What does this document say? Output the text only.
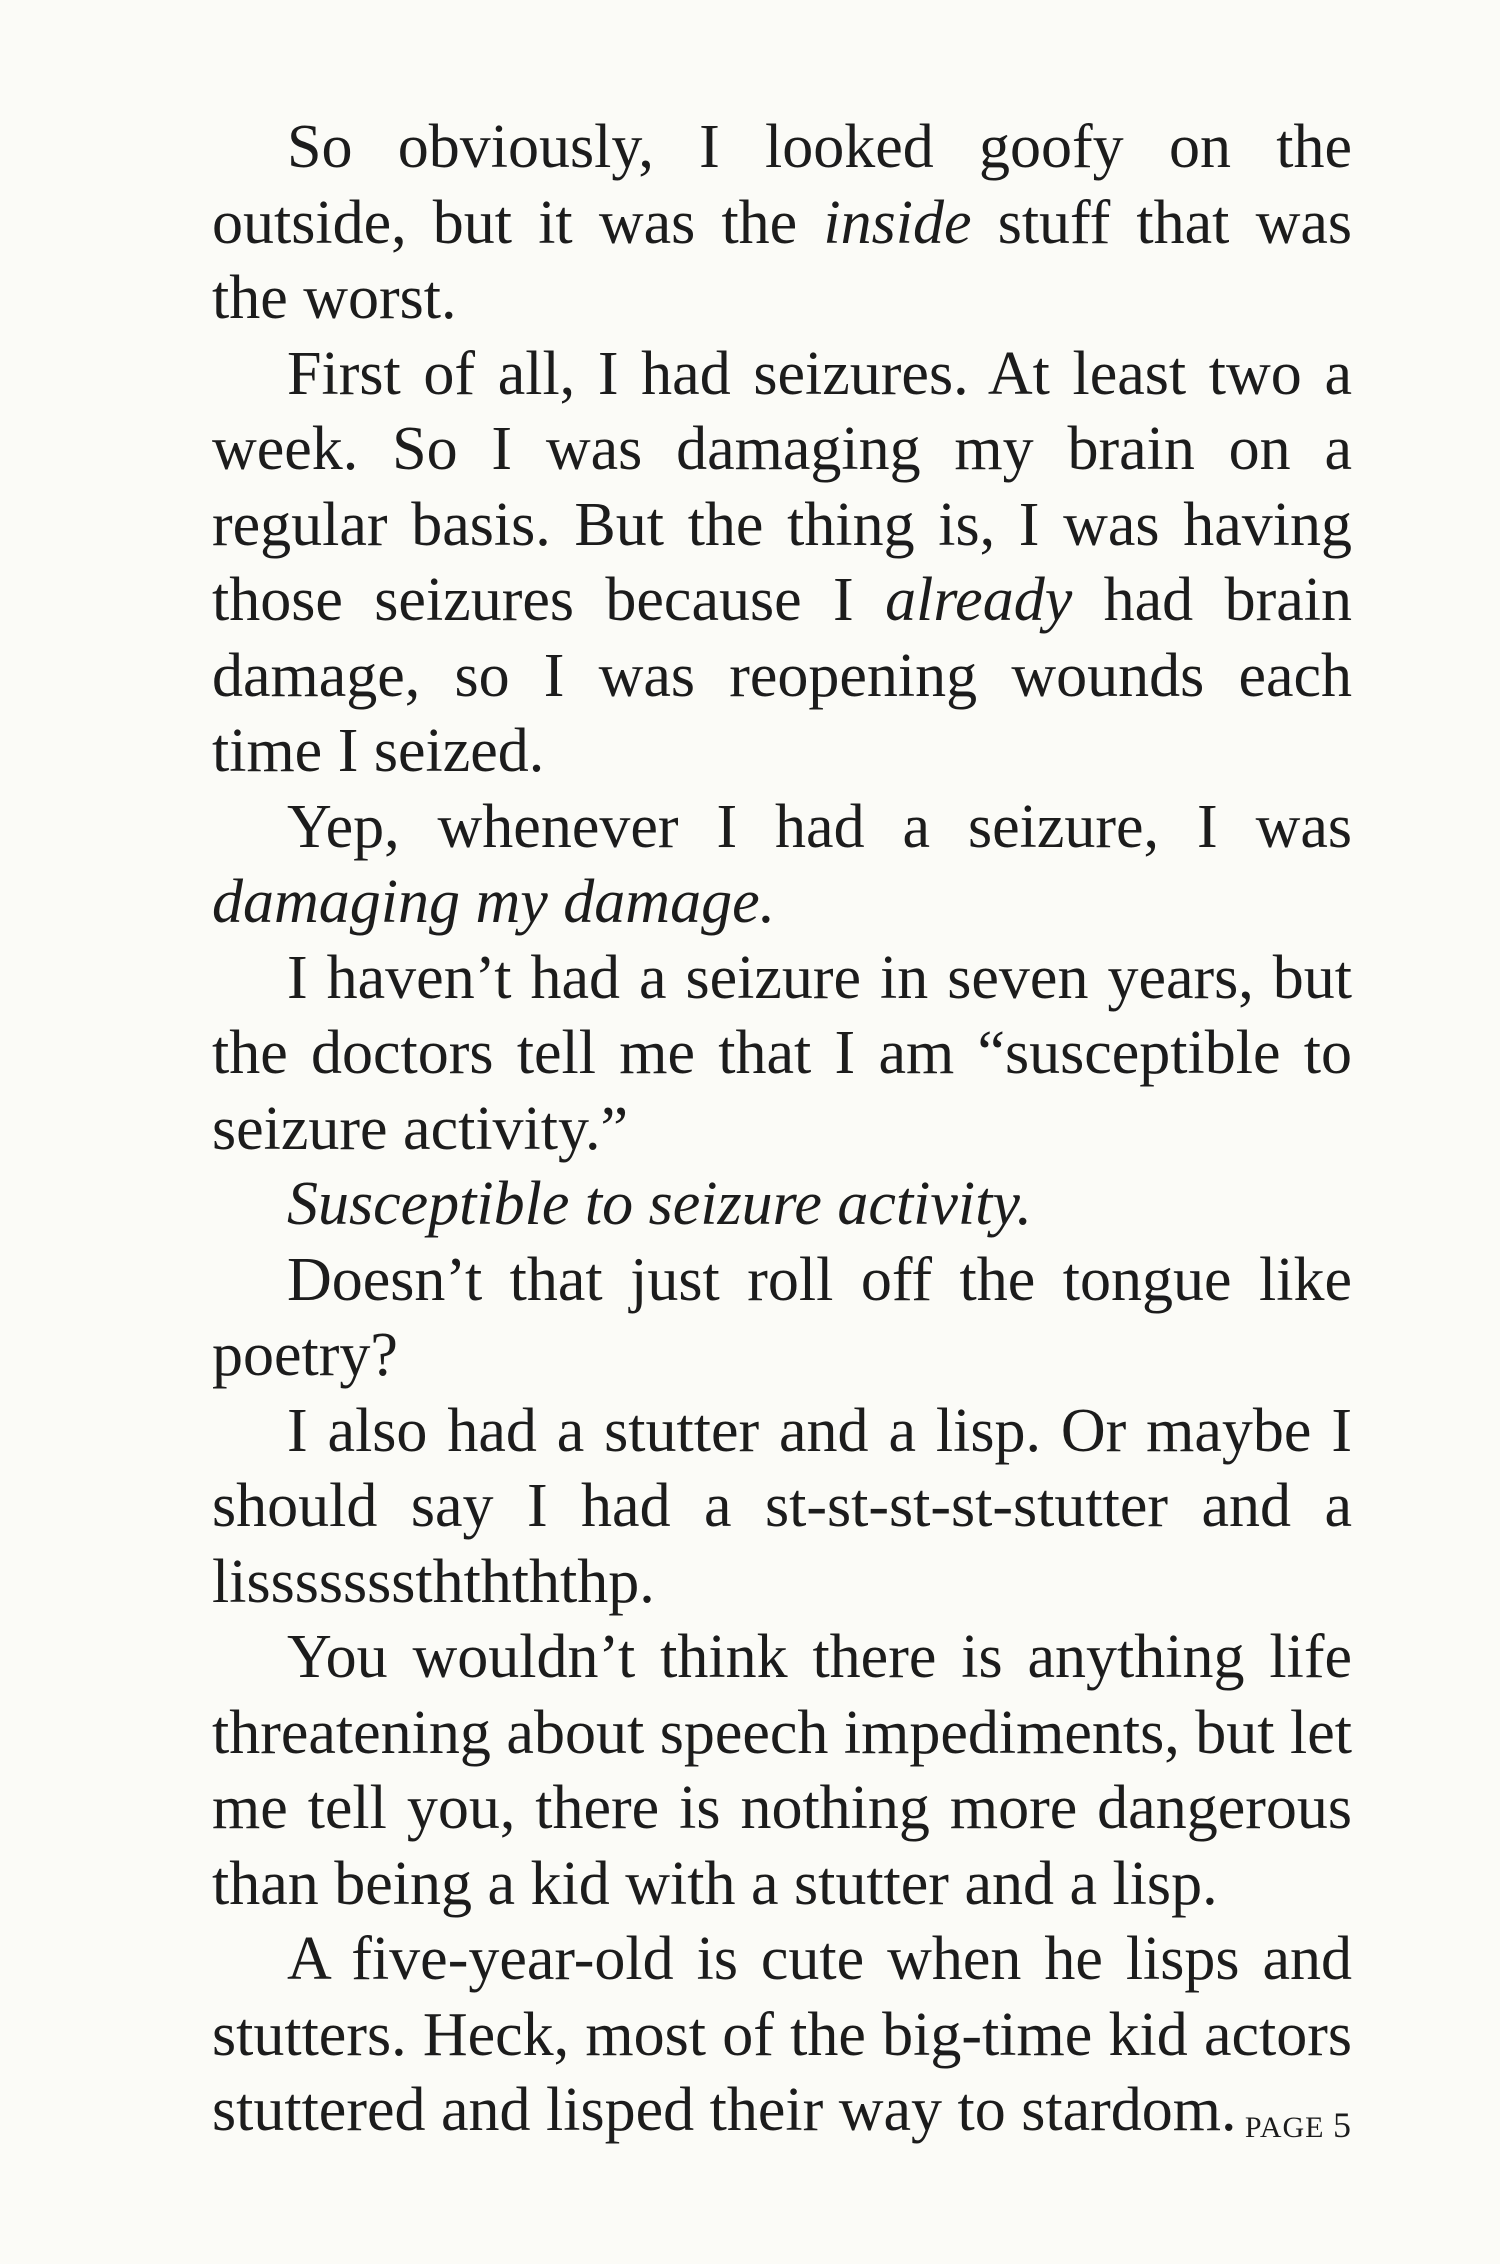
So obviously, I looked goofy on the outside, but it was the inside stuff that was the worst.

First of all, I had seizures. At least two a week. So I was damaging my brain on a regular basis. But the thing is, I was having those seizures because I already had brain damage, so I was reopening wounds each time I seized.

Yep, whenever I had a seizure, I was damaging my damage.

I haven’t had a seizure in seven years, but the doctors tell me that I am “susceptible to seizure activity.”

Susceptible to seizure activity.

Doesn’t that just roll off the tongue like poetry?

I also had a stutter and a lisp. Or maybe I should say I had a st-st-st-st-stutter and a lisssssssththththp.

You wouldn’t think there is anything life threatening about speech impediments, but let me tell you, there is nothing more dangerous than being a kid with a stutter and a lisp.

A five-year-old is cute when he lisps and stutters. Heck, most of the big-time kid actors stuttered and lisped their way to stardom. PAGE 5
